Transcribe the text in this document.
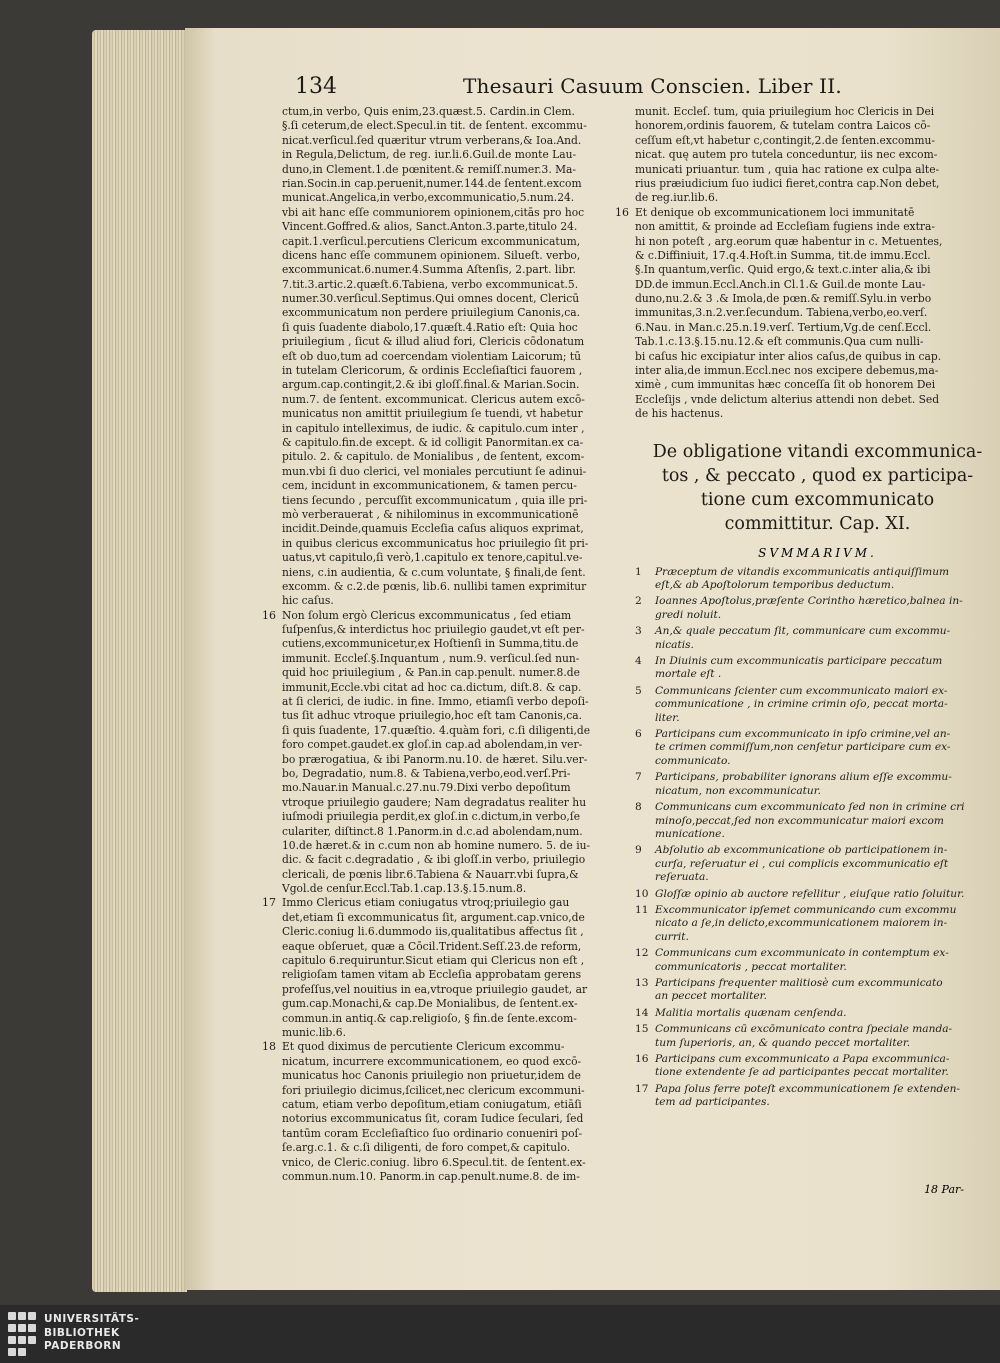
134	Thesauri Casuum Conscien. Liber II.
ctum,in verbo, Quis enim,23.quæst.5. Cardin.in Clem.
§.ſi ceterum,de elect.Specul.in tit. de ſentent. excommu-
nicat.verſicul.ſed quæritur vtrum verberans,& Ioa.And.
in Regula,Delictum, de reg. iur.li.6.Guil.de monte Lau-
duno,in Clement.1.de pœnitent.& remiſſ.numer.3. Ma-
rian.Socin.in cap.peruenit,numer.144.de ſentent.excom
municat.Angelica,in verbo,excommunicatio,5.num.24.
vbi ait hanc eſſe communiorem opinionem,citās pro hoc
Vincent.Goffred.& alios, Sanct.Anton.3.parte,titulo 24.
capit.1.verſicul.percutiens Clericum excommunicatum,
dicens hanc eſſe communem opinionem. Silueſt. verbo,
excommunicat.6.numer.4.Summa Aſtenſis, 2.part. libr.
7.tit.3.artic.2.quæſt.6.Tabiena, verbo excommunicat.5.
numer.30.verſicul.Septimus.Qui omnes docent, Clericū
excommunicatum non perdere priuilegium Canonis,ca.
ſi quis ſuadente diabolo,17.quæſt.4.Ratio eſt: Quia hoc
priuilegium , ſicut & illud aliud fori, Clericis cōdonatum
eſt ob duo,tum ad coercendam violentiam Laicorum; tū
in tutelam Clericorum, & ordinis Eccleſiaſtici fauorem ,
argum.cap.contingit,2.& ibi gloſſ.final.& Marian.Socin.
num.7. de ſentent. excommunicat. Clericus autem excō-
municatus non amittit priuilegium ſe tuendi, vt habetur
in capitulo intelleximus, de iudic. & capitulo.cum inter ,
& capitulo.fin.de except. & id colligit Panormitan.ex ca-
pitulo. 2. & capitulo. de Monialibus , de ſentent, excom-
mun.vbi ſi duo clerici, vel moniales percutiunt ſe adinui-
cem, incidunt in excommunicationem, & tamen percu-
tiens ſecundo , percuſſit excommunicatum , quia ille pri-
mò verberauerat , & nihilominus in excommunicationē
incidit.Deinde,quamuis Eccleſia caſus aliquos exprimat,
in quibus clericus excommunicatus hoc priuilegio ſit pri-
uatus,vt capitulo,ſi verò,1.capitulo ex tenore,capitul.ve-
niens, c.in audientia, & c.cum voluntate, § finali,de ſent.
excomm. & c.2.de pœnis, lib.6. nullibi tamen exprimitur
hic caſus.
16 Non ſolum ergò Clericus excommunicatus , ſed etiam
ſuſpenſus,& interdictus hoc priuilegio gaudet,vt eſt per-
cutiens,excommunicetur,ex Hoſtienſi in Summa,titu.de
immunit. Eccleſ.§.Inquantum , num.9. verſicul.ſed nun-
quid hoc priuilegium , & Pan.in cap.penult. numer.8.de
immunit,Eccle.vbi citat ad hoc ca.dictum, diſt.8. & cap.
at ſi clerici, de iudic. in fine. Immo, etiamſi verbo depoſi-
tus ſit adhuc vtroque priuilegio,hoc eſt tam Canonis,ca.
ſi quis ſuadente, 17.quæſtio. 4.quàm fori, c.ſi diligenti,de
foro compet.gaudet.ex gloſ.in cap.ad abolendam,in ver-
bo prærogatiua, & ibi Panorm.nu.10. de hæret. Silu.ver-
bo, Degradatio, num.8. & Tabiena,verbo,eod.verſ.Pri-
mo.Nauar.in Manual.c.27.nu.79.Dixi verbo depoſitum
vtroque priuilegio gaudere; Nam degradatus realiter hu
iuſmodi priuilegia perdit,ex gloſ.in c.dictum,in verbo,ſe
culariter, diſtinct.8 1.Panorm.in d.c.ad abolendam,num.
10.de hæret.& in c.cum non ab homine numero. 5. de iu-
dic. & facit c.degradatio , & ibi gloſſ.in verbo, priuilegio
clericali, de pœnis libr.6.Tabiena & Nauarr.vbi ſupra,&
Vgol.de cenſur.Eccl.Tab.1.cap.13.§.15.num.8.
17 Immo Clericus etiam coniugatus vtroq;priuilegio gau
det,etiam ſi excommunicatus ſit, argument.cap.vnico,de
Cleric.coniug li.6.dummodo iis,qualitatibus affectus ſit ,
eaque obſeruet, quæ a Cōcil.Trident.Seſſ.23.de reform,
capitulo 6.requiruntur.Sicut etiam qui Clericus non eſt ,
religioſam tamen vitam ab Eccleſia approbatam gerens
profeſſus,vel nouitius in ea,vtroque priuilegio gaudet, ar
gum.cap.Monachi,& cap.De Monialibus, de ſentent.ex-
commun.in antiq.& cap.religioſo, § fin.de ſente.excom-
munic.lib.6.
18 Et quod diximus de percutiente Clericum excommu-
nicatum, incurrere excommunicationem, eo quod excō-
municatus hoc Canonis priuilegio non priuetur,idem de
fori priuilegio dicimus,ſcilicet,nec clericum excommuni-
catum, etiam verbo depoſitum,etiam coniugatum, etiāſi
notorius excommunicatus ſit, coram Iudice ſeculari, ſed
tantūm coram Eccleſiaſtico ſuo ordinario conueniri poſ-
ſe.arg.c.1. & c.ſi diligenti, de foro compet,& capitulo.
vnico, de Cleric.coniug. libro 6.Specul.tit. de ſentent.ex-
commun.num.10. Panorm.in cap.penult.nume.8. de im-
munit. Eccleſ. tum, quia priuilegium hoc Clericis in Dei
honorem,ordinis fauorem, & tutelam contra Laicos cō-
ceſſum eſt,vt habetur c,contingit,2.de ſenten.excommu-
nicat. quę autem pro tutela conceduntur, iis nec excom-
municati priuantur. tum , quia hac ratione ex culpa alte-
rius præiudicium ſuo iudici fieret,contra cap.Non debet,
de reg.iur.lib.6.
16 Et denique ob excommunicationem loci immunitatē
non amittit, & proinde ad Eccleſiam fugiens inde extra-
hi non poteſt , arg.eorum quæ habentur in c. Metuentes,
& c.Diffiniuit, 17.q.4.Hoſt.in Summa, tit.de immu.Eccl.
§.In quantum,verſic. Quid ergo,& text.c.inter alia,& ibi
DD.de immun.Eccl.Anch.in Cl.1.& Guil.de monte Lau-
duno,nu.2.& 3 .& Imola,de pœn.& remiſſ.Sylu.in verbo
immunitas,3.n.2.ver.ſecundum. Tabiena,verbo,eo.verſ.
6.Nau. in Man.c.25.n.19.verſ. Tertium,Vg.de cenſ.Eccl.
Tab.1.c.13.§.15.nu.12.& eſt communis.Qua cum nulli-
bi caſus hic excipiatur inter alios caſus,de quibus in cap.
inter alia,de immun.Eccl.nec nos excipere debemus,ma-
ximè , cum immunitas hæc conceſſa ſit ob honorem Dei
Eccleſijs , vnde delictum alterius attendi non debet. Sed
de his hactenus.
De obligatione vitandi excommunica-
tos , & peccato , quod ex participa-
tione cum excommunicato
committitur. Cap. XI.
SVMMARIVM.
1 Præceptum de vitandis excommunicatis antiquiſſimum
eſt,& ab Apoſtolorum temporibus deductum.
2 Ioannes Apoſtolus,præſente Corintho hæretico,balnea in-
gredi noluit.
3 An,& quale peccatum ſit, communicare cum excommu-
nicatis.
4 In Diuinis cum excommunicatis participare peccatum
mortale eſt .
5 Communicans ſcienter cum excommunicato maiori ex-
communicatione , in crimine crimin oſo, peccat morta-
liter.
6 Participans cum excommunicato in ipſo crimine,vel an-
te crimen commiſſum,non cenſetur participare cum ex-
communicato.
7 Participans, probabiliter ignorans alium eſſe excommu-
nicatum, non excommunicatur.
8 Communicans cum excommunicato ſed non in crimine cri
minoſo,peccat,ſed non excommunicatur maiori excom
municatione.
9 Abſolutio ab excommunicatione ob participationem in-
curſa, reſeruatur ei , cui complicis excommunicatio eſt
reſeruata.
10 Gloſſæ opinio ab auctore refellitur , eiuſque ratio ſoluitur.
11 Excommunicator ipſemet communicando cum excommu
nicato a ſe,in delicto,excommunicationem maiorem in-
currit.
12 Communicans cum excommunicato in contemptum ex-
communicatoris , peccat mortaliter.
13 Participans frequenter malitiosè cum excommunicato
an peccet mortaliter.
14 Malitia mortalis quænam cenſenda.
15 Communicans cū excōmunicato contra ſpeciale manda-
tum ſuperioris, an, & quando peccet mortaliter.
16 Participans cum excommunicato a Papa excommunica-
tione extendente ſe ad participantes peccat mortaliter.
17 Papa ſolus ferre poteſt excommunicationem ſe extenden-
tem ad participantes.
18 Par-
UNIVERSITÄTS-
BIBLIOTHEK
PADERBORN
